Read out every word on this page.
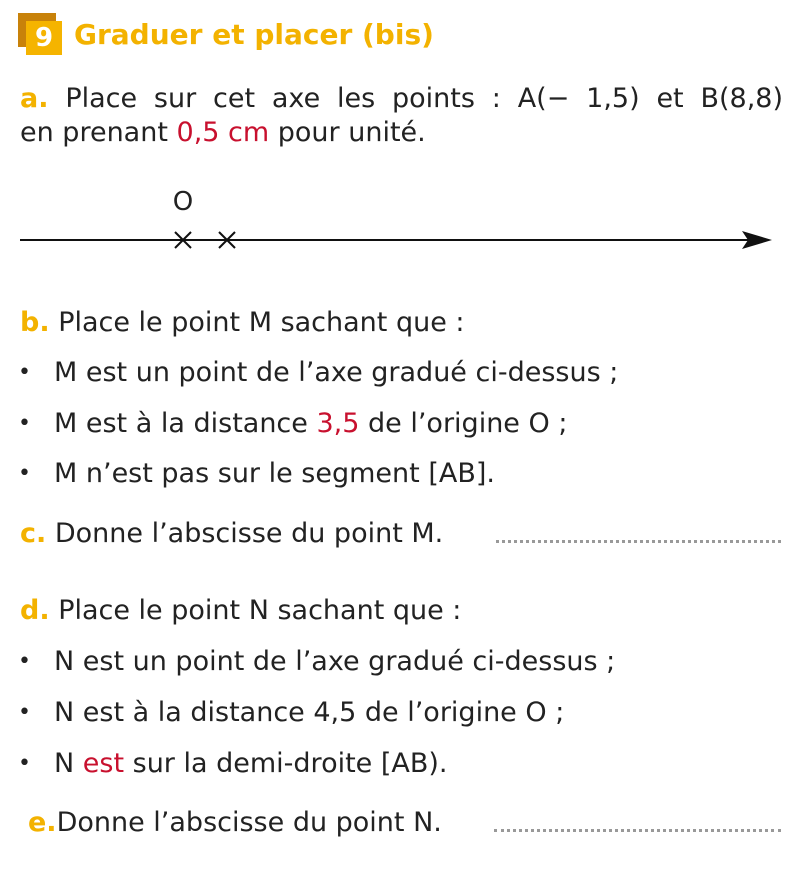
9 Graduer et placer (bis)
a. Place sur cet axe les points : A(− 1,5) et B(8,8)
en prenant 0,5 cm pour unité.
O
b. Place le point M sachant que :
• M est un point de l’axe gradué ci-dessus ;
• M est à la distance 3,5 de l’origine O ;
• M n’est pas sur le segment [AB].
c. Donne l’abscisse du point M.
d. Place le point N sachant que :
• N est un point de l’axe gradué ci-dessus ;
• N est à la distance 4,5 de l’origine O ;
• N est sur la demi-droite [AB).
e.Donne l’abscisse du point N.
